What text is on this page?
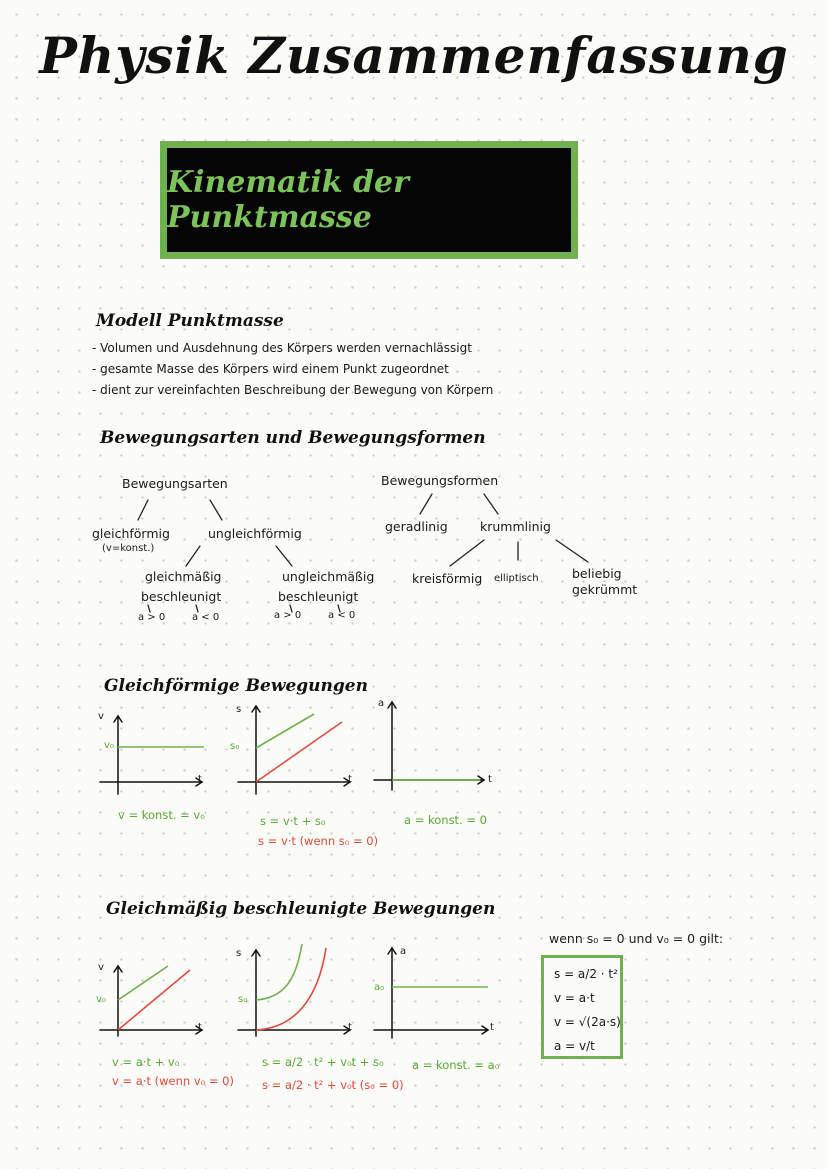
Physik Zusammenfassung
Kinematik der Punktmasse
Modell Punktmasse
- Volumen und Ausdehnung des Körpers werden vernachlässigt
- gesamte Masse des Körpers wird einem Punkt zugeordnet
- dient zur vereinfachten Beschreibung der Bewegung von Körpern
Bewegungsarten und Bewegungsformen
Bewegungsarten
gleichförmig
(v=konst.)
ungleichförmig
gleichmäßig
beschleunigt
ungleichmäßig
beschleunigt
a > 0	a < 0	a > 0	a < 0
Bewegungsformen
geradlinig	krummlinig
kreisförmig elliptisch	beliebig
gekrümmt
Gleichförmige Bewegungen
v
t
v₀
v = konst. = v₀
s
t
s₀
s = v·t + s₀
s = v·t (wenn s₀ = 0)
a
t
a = konst. = 0
Gleichmäßig beschleunigte Bewegungen
v
t
v₀
v = a·t + v₀
v = a·t (wenn v₀ = 0)
s
t
s₀
s = a/2 · t² + v₀t + s₀
s = a/2 · t² + v₀t (s₀ = 0)
a
t
a₀
a = konst. = a₀
wenn s₀ = 0 und v₀ = 0 gilt:
s = a/2 · t²
v = a·t
v = √(2a·s)
a = v/t
